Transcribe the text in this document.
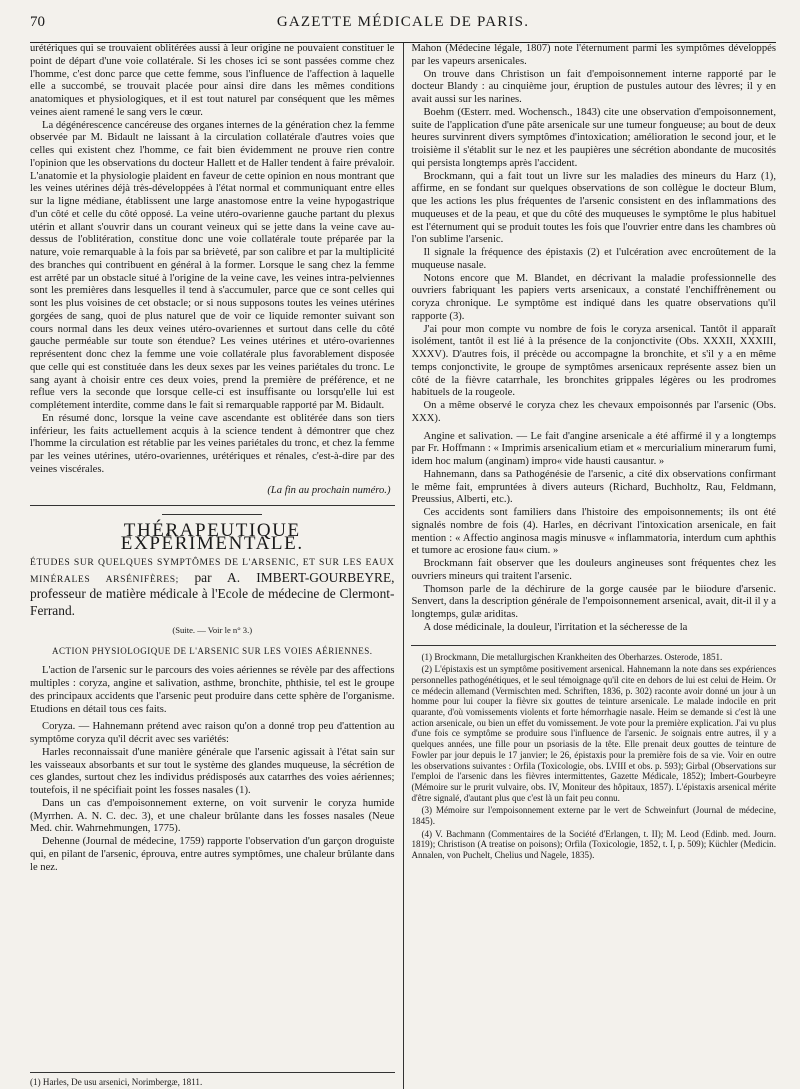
70	GAZETTE MÉDICALE DE PARIS.

urétériques qui se trouvaient oblitérées aussi à leur origine ne pouvaient constituer le point de départ d'une voie collatérale. Si les choses ici se sont passées comme chez l'homme, c'est donc parce que cette femme, sous l'influence de l'affection à laquelle elle a succombé, se trouvait placée pour ainsi dire dans les mêmes conditions anatomiques et physiologiques, et il est tout naturel par conséquent que les mêmes veines aient ramené le sang vers le cœur.

La dégénérescence cancéreuse des organes internes de la génération chez la femme observée par M. Bidault ne laissant à la circulation collatérale d'autres voies que celles qui existent chez l'homme, ce fait bien évidemment ne prouve rien contre l'opinion que les observations du docteur Hallett et de Haller tendent à faire prévaloir. L'anatomie et la physiologie plaident en faveur de cette opinion en nous montrant que les veines utérines déjà très-développées à l'état normal et communiquant entre elles sur la ligne médiane, établissent une large anastomose entre la veine hypogastrique d'un côté et celle du côté opposé. La veine utéro-ovarienne gauche partant du plexus utérin et allant s'ouvrir dans un courant veineux qui se jette dans la veine cave au-dessus de l'oblitération, constitue donc une voie collatérale toute préparée par la nature, voie remarquable à la fois par sa brièveté, par son calibre et par la multiplicité des branches qui contribuent en général à la former. Lorsque le sang chez la femme est arrêté par un obstacle situé à l'origine de la veine cave, les veines intra-pelviennes sont les premières dans lesquelles il tend à s'accumuler, parce que ce sont celles qui sont les plus voisines de cet obstacle; or si nous supposons toutes les veines utérines gorgées de sang, quoi de plus naturel que de voir ce liquide remonter suivant son cours normal dans les deux veines utéro-ovariennes et surtout dans celle du côté gauche perméable sur toute son étendue? Les veines utérines et utéro-ovariennes représentent donc chez la femme une voie collatérale plus favorablement disposée que celle qui est constituée dans les deux sexes par les veines pariétales du tronc. Le sang ayant à choisir entre ces deux voies, prend la première de préférence, et ne reflue vers la seconde que lorsque celle-ci est insuffisante ou lorsqu'elle lui est complétement interdite, comme dans le fait si remarquable rapporté par M. Bidault.

En résumé donc, lorsque la veine cave ascendante est oblitérée dans son tiers inférieur, les faits actuellement acquis à la science tendent à démontrer que chez l'homme la circulation est rétablie par les veines pariétales du tronc, et chez la femme par les veines utérines, utéro-ovariennes, urétériques et rénales, c'est-à-dire par des veines viscérales.

(La fin au prochain numéro.)

THÉRAPEUTIQUE EXPÉRIMENTALE.
ÉTUDES SUR QUELQUES SYMPTÔMES DE L'ARSENIC, ET SUR LES EAUX MINÉRALES ARSÉNIFÈRES; par A. IMBERT-GOURBEYRE, professeur de matière médicale à l'Ecole de médecine de Clermont-Ferrand.
(Suite. — Voir le n° 3.)
ACTION PHYSIOLOGIQUE DE L'ARSENIC SUR LES VOIES AÉRIENNES.

L'action de l'arsenic sur le parcours des voies aériennes se révèle par des affections multiples : coryza, angine et salivation, asthme, bronchite, phthisie, tel est le groupe des principaux accidents que l'arsenic peut produire dans cette sphère de l'organisme. Etudions en détail tous ces faits.

Coryza. — Hahnemann prétend avec raison qu'on a donné trop peu d'attention au symptôme coryza qu'il décrit avec ses variétés:

Harles reconnaissait d'une manière générale que l'arsenic agissait à l'état sain sur les vaisseaux absorbants et sur tout le système des glandes muqueuse, la sécrétion de ces glandes, surtout chez les individus prédisposés aux catarrhes des voies aériennes; toutefois, il ne spécifiait point les fosses nasales (1).

Dans un cas d'empoisonnement externe, on voit survenir le coryza humide (Myrrhen. A. N. C. dec. 3), et une chaleur brûlante dans les fosses nasales (Neue Med. chir. Wahrnehmungen, 1775).

Dehenne (Journal de médecine, 1759) rapporte l'observation d'un garçon droguiste qui, en pilant de l'arsenic, éprouva, entre autres symptômes, une chaleur brûlante dans le nez.

(1) Harles, De usu arsenici, Norimbergæ, 1811.

Mahon (Médecine légale, 1807) note l'éternument parmi les symptômes développés par les vapeurs arsenicales.

On trouve dans Christison un fait d'empoisonnement interne rapporté par le docteur Blandy : au cinquième jour, éruption de pustules autour des lèvres; il y en avait aussi sur les narines.

Boehm (Œsterr. med. Wochensch., 1843) cite une observation d'empoisonnement, suite de l'application d'une pâte arsenicale sur une tumeur fongueuse; au bout de deux heures survinrent divers symptômes d'intoxication; amélioration le second jour, et le troisième il s'établit sur le nez et les paupières une sécrétion abondante de mucosités qui persista longtemps après l'accident.

Brockmann, qui a fait tout un livre sur les maladies des mineurs du Harz (1), affirme, en se fondant sur quelques observations de son collègue le docteur Blum, que les actions les plus fréquentes de l'arsenic consistent en des inflammations des muqueuses et de la peau, et que du côté des muqueuses le symptôme le plus habituel est l'éternument qui se produit toutes les fois que l'ouvrier entre dans les chambres où l'on sublime l'arsenic.

Il signale la fréquence des épistaxis (2) et l'ulcération avec encroûtement de la muqueuse nasale.

Notons encore que M. Blandet, en décrivant la maladie professionnelle des ouvriers fabriquant les papiers verts arsenicaux, a constaté l'enchiffrènement ou coryza chronique. Le symptôme est indiqué dans les quatre observations qu'il rapporte (3).

J'ai pour mon compte vu nombre de fois le coryza arsenical. Tantôt il apparaît isolément, tantôt il est lié à la présence de la conjonctivite (Obs. XXXII, XXXIII, XXXV). D'autres fois, il précède ou accompagne la bronchite, et s'il y a en même temps conjonctivite, le groupe de symptômes arsenicaux représente assez bien un côté de la fièvre catarrhale, les bronchites grippales légères ou les prodromes habituels de la rougeole.

On a même observé le coryza chez les chevaux empoisonnés par l'arsenic (Obs. XXX).

Angine et salivation. — Le fait d'angine arsenicale a été affirmé il y a longtemps par Fr. Hoffmann : « Imprimis arsenicalium etiam et « mercurialium minerarum fumi, idem hoc malum (anginam) impro« vide hausti causantur. »

Hahnemann, dans sa Pathogénésie de l'arsenic, a cité dix observations confirmant le même fait, empruntées à divers auteurs (Richard, Buchholtz, Rau, Feldmann, Preussius, Alberti, etc.).

Ces accidents sont familiers dans l'histoire des empoisonnements; ils ont été signalés nombre de fois (4). Harles, en décrivant l'intoxication arsenicale, en fait mention : « Affectio anginosa magis minusve « inflammatoria, interdum cum aphthis et tumore ac erosione fau« cium. »

Brockmann fait observer que les douleurs angineuses sont fréquentes chez les ouvriers mineurs qui traitent l'arsenic.

Thomson parle de la déchirure de la gorge causée par le biiodure d'arsenic. Senvert, dans la description générale de l'empoisonnement arsenical, avait, dit-il il y a longtemps, gulæ ariditas.

A dose médicinale, la douleur, l'irritation et la sécheresse de la

(1) Brockmann, Die metallurgischen Krankheiten des Oberharzes. Osterode, 1851.

(2) L'épistaxis est un symptôme positivement arsenical. Hahnemann la note dans ses expériences personnelles pathogénétiques, et le seul témoignage qu'il cite en dehors de lui est celui de Heim. Or ce médecin allemand (Vermischten med. Schriften, 1836, p. 302) raconte avoir donné un jour à un homme pour lui couper la fièvre six gouttes de teinture arsenicale. Le malade indocile en prit quarante, d'où vomissements violents et forte hémorrhagie nasale. Heim se demande si c'est là une action arsenicale, ou bien un effet du vomissement. Je vote pour la première explication. J'ai vu plus d'une fois ce symptôme se produire sous l'influence de l'arsenic. Je soignais entre autres, il y a quelques années, une fille pour un psoriasis de la tête. Elle prenait deux gouttes de teinture de Fowler par jour depuis le 17 janvier; le 26, épistaxis pour la première fois de sa vie. Voir en outre les observations suivantes : Orfila (Toxicologie, obs. LVIII et obs. p. 593); Girbal (Observations sur l'emploi de l'arsenic dans les fièvres intermittentes, Gazette Médicale, 1852); Imbert-Gourbeyre (Mémoire sur le prurit vulvaire, obs. IV, Moniteur des hôpitaux, 1857). L'épistaxis arsenical mérite d'être signalé, d'autant plus que c'est là un fait peu connu.

(3) Mémoire sur l'empoisonnement externe par le vert de Schweinfurt (Journal de médecine, 1845).

(4) V. Bachmann (Commentaires de la Société d'Erlangen, t. II); M. Leod (Edinb. med. Journ. 1819); Christison (A treatise on poisons); Orfila (Toxicologie, 1852, t. I, p. 509); Küchler (Medicin. Annalen, von Puchelt, Chelius und Nagele, 1835).
